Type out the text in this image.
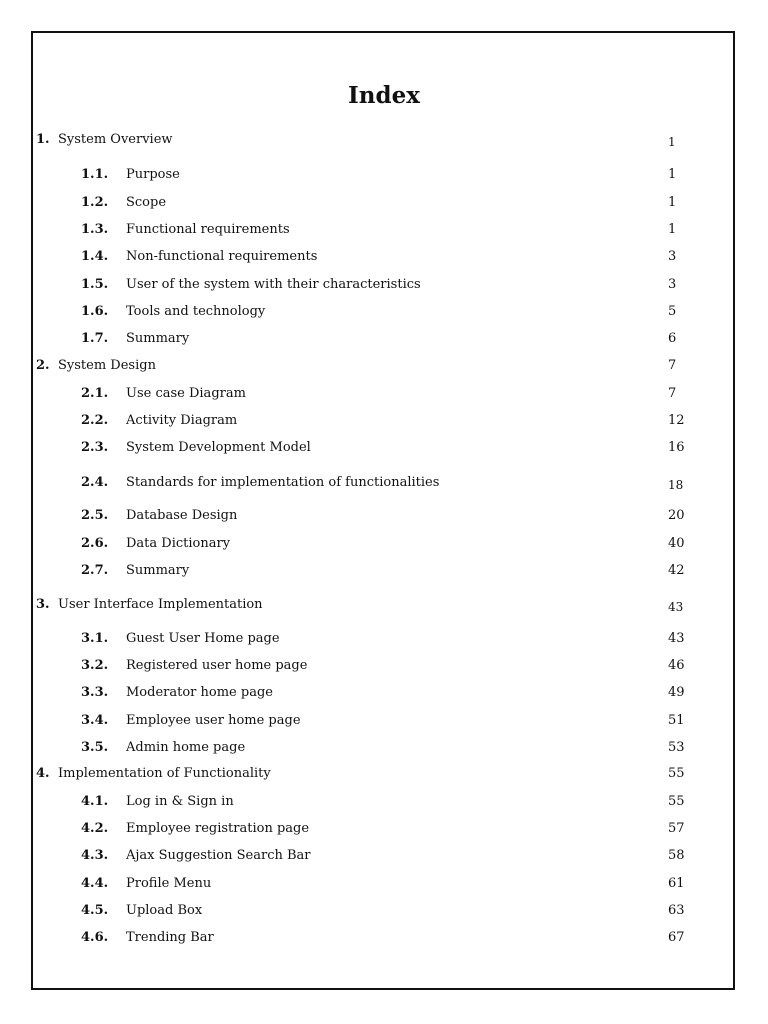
Index
1. System Overview	1
1.1. Purpose	1
1.2. Scope	1
1.3. Functional requirements	1
1.4. Non-functional requirements	3
1.5. User of the system with their characteristics	3
1.6. Tools and technology	5
1.7. Summary	6
2. System Design	7
2.1. Use case Diagram	7
2.2. Activity Diagram	12
2.3. System Development Model	16
2.4. Standards for implementation of functionalities	18
2.5. Database Design	20
2.6. Data Dictionary	40
2.7. Summary	42
3. User Interface Implementation	43
3.1. Guest User Home page	43
3.2. Registered user home page	46
3.3. Moderator home page	49
3.4. Employee user home page	51
3.5. Admin home page	53
4. Implementation of Functionality	55
4.1. Log in & Sign in	55
4.2. Employee registration page	57
4.3. Ajax Suggestion Search Bar	58
4.4. Profile Menu	61
4.5. Upload Box	63
4.6. Trending Bar	67
